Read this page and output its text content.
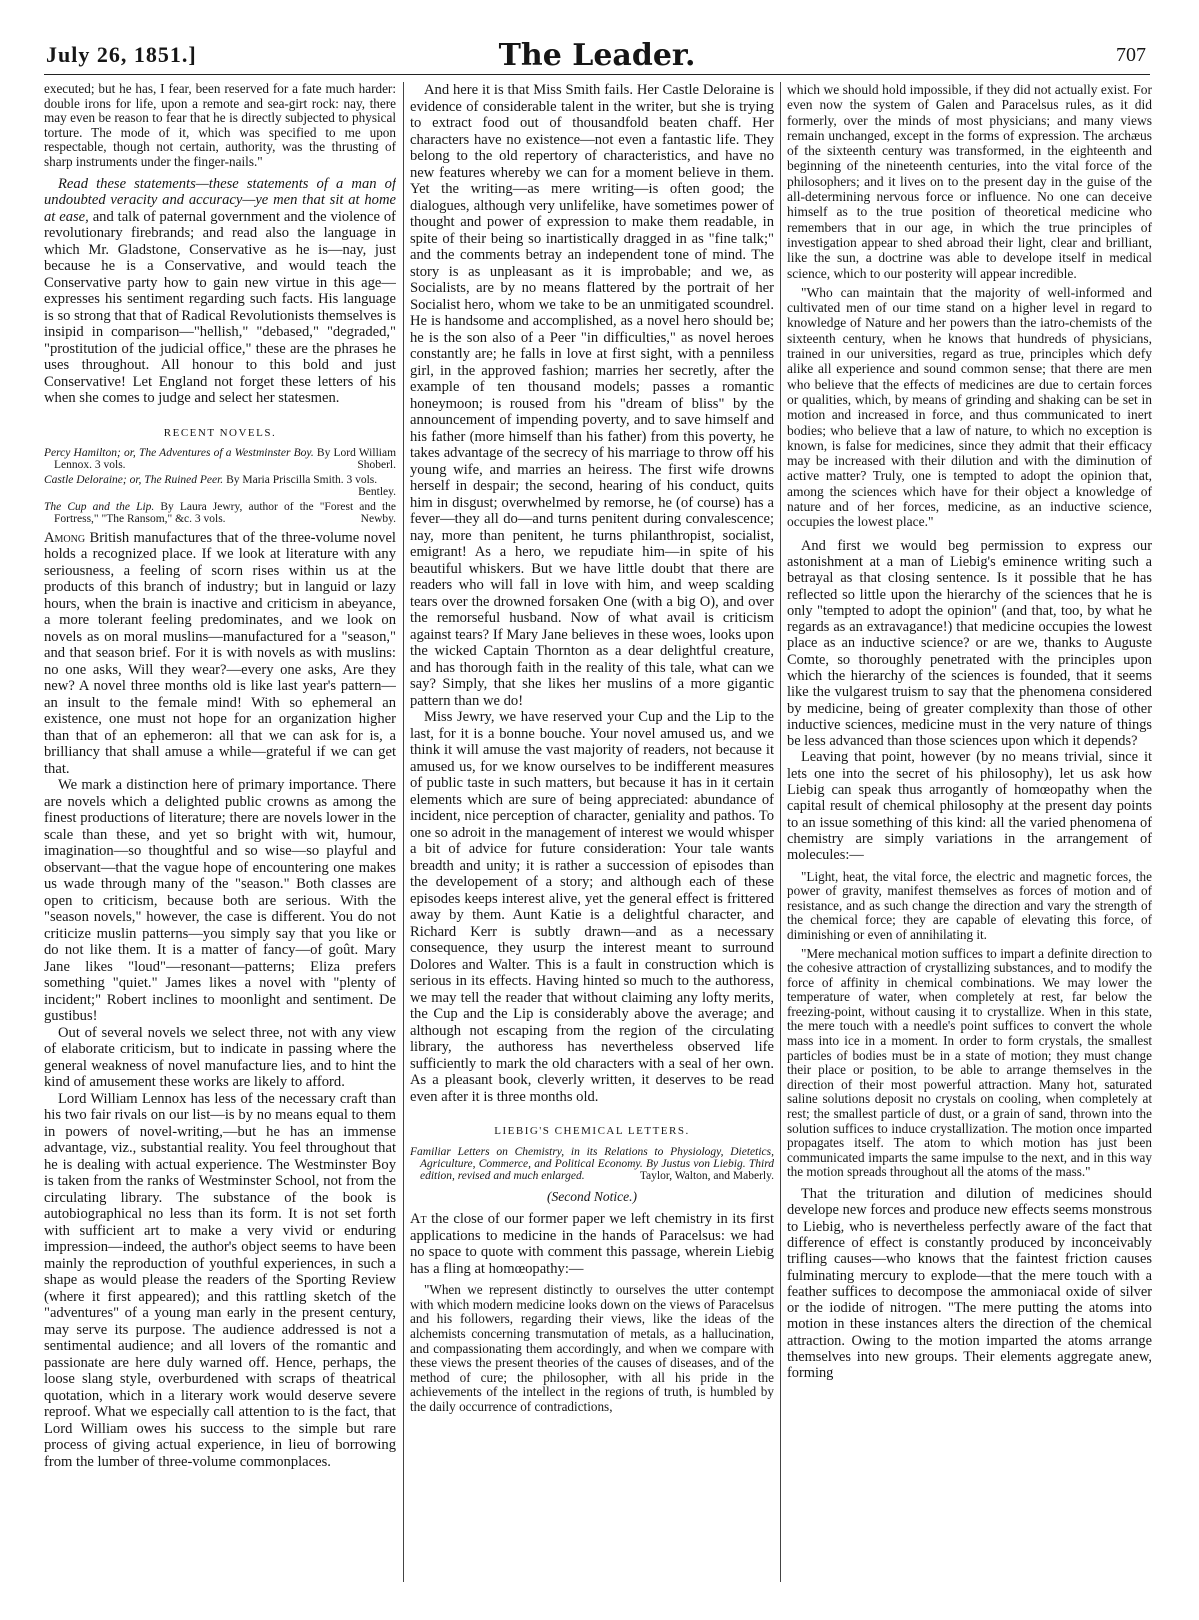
July 26, 1851.]	The Leader.	707

executed; but he has, I fear, been reserved for a fate much harder: double irons for life, upon a remote and sea-girt rock: nay, there may even be reason to fear that he is directly subjected to physical torture. The mode of it, which was specified to me upon respectable, though not certain, authority, was the thrusting of sharp instruments under the finger-nails."

Read these statements—these statements of a man of undoubted veracity and accuracy—ye men that sit at home at ease, and talk of paternal government and the violence of revolutionary firebrands; and read also the language in which Mr. Gladstone, Conservative as he is—nay, just because he is a Conservative, and would teach the Conservative party how to gain new virtue in this age—expresses his sentiment regarding such facts. His language is so strong that that of Radical Revolutionists themselves is insipid in comparison—"hellish," "debased," "degraded," "prostitution of the judicial office," these are the phrases he uses throughout. All honour to this bold and just Conservative! Let England not forget these letters of his when she comes to judge and select her statesmen.

RECENT NOVELS.
Percy Hamilton; or, The Adventures of a Westminster Boy. By Lord William Lennox. 3 vols.	Shoberl.
Castle Deloraine; or, The Ruined Peer. By Maria Priscilla Smith. 3 vols.
Bentley.
The Cup and the Lip. By Laura Jewry, author of the "Forest and the Fortress," "The Ransom," &c. 3 vols.	Newby.

Among British manufactures that of the three-volume novel holds a recognized place. If we look at literature with any seriousness, a feeling of scorn rises within us at the products of this branch of industry; but in languid or lazy hours, when the brain is inactive and criticism in abeyance, a more tolerant feeling predominates, and we look on novels as on moral muslins—manufactured for a "season," and that season brief. For it is with novels as with muslins: no one asks, Will they wear?—every one asks, Are they new? A novel three months old is like last year's pattern—an insult to the female mind! With so ephemeral an existence, one must not hope for an organization higher than that of an ephemeron: all that we can ask for is, a brilliancy that shall amuse a while—grateful if we can get that.

We mark a distinction here of primary importance. There are novels which a delighted public crowns as among the finest productions of literature; there are novels lower in the scale than these, and yet so bright with wit, humour, imagination—so thoughtful and so wise—so playful and observant—that the vague hope of encountering one makes us wade through many of the "season." Both classes are open to criticism, because both are serious. With the "season novels," however, the case is different. You do not criticize muslin patterns—you simply say that you like or do not like them. It is a matter of fancy—of goût. Mary Jane likes "loud"—resonant—patterns; Eliza prefers something "quiet." James likes a novel with "plenty of incident;" Robert inclines to moonlight and sentiment. De gustibus!

Out of several novels we select three, not with any view of elaborate criticism, but to indicate in passing where the general weakness of novel manufacture lies, and to hint the kind of amusement these works are likely to afford.

Lord William Lennox has less of the necessary craft than his two fair rivals on our list—is by no means equal to them in powers of novel-writing,—but he has an immense advantage, viz., substantial reality. You feel throughout that he is dealing with actual experience. The Westminster Boy is taken from the ranks of Westminster School, not from the circulating library. The substance of the book is autobiographical no less than its form. It is not set forth with sufficient art to make a very vivid or enduring impression—indeed, the author's object seems to have been mainly the reproduction of youthful experiences, in such a shape as would please the readers of the Sporting Review (where it first appeared); and this rattling sketch of the "adventures" of a young man early in the present century, may serve its purpose. The audience addressed is not a sentimental audience; and all lovers of the romantic and passionate are here duly warned off. Hence, perhaps, the loose slang style, overburdened with scraps of theatrical quotation, which in a literary work would deserve severe reproof. What we especially call attention to is the fact, that Lord William owes his success to the simple but rare process of giving actual experience, in lieu of borrowing from the lumber of three-volume commonplaces.

And here it is that Miss Smith fails. Her Castle Deloraine is evidence of considerable talent in the writer, but she is trying to extract food out of thousandfold beaten chaff. Her characters have no existence—not even a fantastic life. They belong to the old repertory of characteristics, and have no new features whereby we can for a moment believe in them. Yet the writing—as mere writing—is often good; the dialogues, although very unlifelike, have sometimes power of thought and power of expression to make them readable, in spite of their being so inartistically dragged in as "fine talk;" and the comments betray an independent tone of mind. The story is as unpleasant as it is improbable; and we, as Socialists, are by no means flattered by the portrait of her Socialist hero, whom we take to be an unmitigated scoundrel. He is handsome and accomplished, as a novel hero should be; he is the son also of a Peer "in difficulties," as novel heroes constantly are; he falls in love at first sight, with a penniless girl, in the approved fashion; marries her secretly, after the example of ten thousand models; passes a romantic honeymoon; is roused from his "dream of bliss" by the announcement of impending poverty, and to save himself and his father (more himself than his father) from this poverty, he takes advantage of the secrecy of his marriage to throw off his young wife, and marries an heiress. The first wife drowns herself in despair; the second, hearing of his conduct, quits him in disgust; overwhelmed by remorse, he (of course) has a fever—they all do—and turns penitent during convalescence; nay, more than penitent, he turns philanthropist, socialist, emigrant! As a hero, we repudiate him—in spite of his beautiful whiskers. But we have little doubt that there are readers who will fall in love with him, and weep scalding tears over the drowned forsaken One (with a big O), and over the remorseful husband. Now of what avail is criticism against tears? If Mary Jane believes in these woes, looks upon the wicked Captain Thornton as a dear delightful creature, and has thorough faith in the reality of this tale, what can we say? Simply, that she likes her muslins of a more gigantic pattern than we do!

Miss Jewry, we have reserved your Cup and the Lip to the last, for it is a bonne bouche. Your novel amused us, and we think it will amuse the vast majority of readers, not because it amused us, for we know ourselves to be indifferent measures of public taste in such matters, but because it has in it certain elements which are sure of being appreciated: abundance of incident, nice perception of character, geniality and pathos. To one so adroit in the management of interest we would whisper a bit of advice for future consideration: Your tale wants breadth and unity; it is rather a succession of episodes than the developement of a story; and although each of these episodes keeps interest alive, yet the general effect is frittered away by them. Aunt Katie is a delightful character, and Richard Kerr is subtly drawn—and as a necessary consequence, they usurp the interest meant to surround Dolores and Walter. This is a fault in construction which is serious in its effects. Having hinted so much to the authoress, we may tell the reader that without claiming any lofty merits, the Cup and the Lip is considerably above the average; and although not escaping from the region of the circulating library, the authoress has nevertheless observed life sufficiently to mark the old characters with a seal of her own. As a pleasant book, cleverly written, it deserves to be read even after it is three months old.

LIEBIG'S CHEMICAL LETTERS.
Familiar Letters on Chemistry, in its Relations to Physiology, Dietetics, Agriculture, Commerce, and Political Economy. By Justus von Liebig. Third edition, revised and much enlarged.	Taylor, Walton, and Maberly.
(Second Notice.)

At the close of our former paper we left chemistry in its first applications to medicine in the hands of Paracelsus: we had no space to quote with comment this passage, wherein Liebig has a fling at homœopathy:—

"When we represent distinctly to ourselves the utter contempt with which modern medicine looks down on the views of Paracelsus and his followers, regarding their views, like the ideas of the alchemists concerning transmutation of metals, as a hallucination, and compassionating them accordingly, and when we compare with these views the present theories of the causes of diseases, and of the method of cure; the philosopher, with all his pride in the achievements of the intellect in the regions of truth, is humbled by the daily occurrence of contradictions,

which we should hold impossible, if they did not actually exist. For even now the system of Galen and Paracelsus rules, as it did formerly, over the minds of most physicians; and many views remain unchanged, except in the forms of expression. The archæus of the sixteenth century was transformed, in the eighteenth and beginning of the nineteenth centuries, into the vital force of the philosophers; and it lives on to the present day in the guise of the all-determining nervous force or influence. No one can deceive himself as to the true position of theoretical medicine who remembers that in our age, in which the true principles of investigation appear to shed abroad their light, clear and brilliant, like the sun, a doctrine was able to develope itself in medical science, which to our posterity will appear incredible.

"Who can maintain that the majority of well-informed and cultivated men of our time stand on a higher level in regard to knowledge of Nature and her powers than the iatro-chemists of the sixteenth century, when he knows that hundreds of physicians, trained in our universities, regard as true, principles which defy alike all experience and sound common sense; that there are men who believe that the effects of medicines are due to certain forces or qualities, which, by means of grinding and shaking can be set in motion and increased in force, and thus communicated to inert bodies; who believe that a law of nature, to which no exception is known, is false for medicines, since they admit that their efficacy may be increased with their dilution and with the diminution of active matter? Truly, one is tempted to adopt the opinion that, among the sciences which have for their object a knowledge of nature and of her forces, medicine, as an inductive science, occupies the lowest place."

And first we would beg permission to express our astonishment at a man of Liebig's eminence writing such a betrayal as that closing sentence. Is it possible that he has reflected so little upon the hierarchy of the sciences that he is only "tempted to adopt the opinion" (and that, too, by what he regards as an extravagance!) that medicine occupies the lowest place as an inductive science? or are we, thanks to Auguste Comte, so thoroughly penetrated with the principles upon which the hierarchy of the sciences is founded, that it seems like the vulgarest truism to say that the phenomena considered by medicine, being of greater complexity than those of other inductive sciences, medicine must in the very nature of things be less advanced than those sciences upon which it depends?

Leaving that point, however (by no means trivial, since it lets one into the secret of his philosophy), let us ask how Liebig can speak thus arrogantly of homœopathy when the capital result of chemical philosophy at the present day points to an issue something of this kind: all the varied phenomena of chemistry are simply variations in the arrangement of molecules:—

"Light, heat, the vital force, the electric and magnetic forces, the power of gravity, manifest themselves as forces of motion and of resistance, and as such change the direction and vary the strength of the chemical force; they are capable of elevating this force, of diminishing or even of annihilating it.

"Mere mechanical motion suffices to impart a definite direction to the cohesive attraction of crystallizing substances, and to modify the force of affinity in chemical combinations. We may lower the temperature of water, when completely at rest, far below the freezing-point, without causing it to crystallize. When in this state, the mere touch with a needle's point suffices to convert the whole mass into ice in a moment. In order to form crystals, the smallest particles of bodies must be in a state of motion; they must change their place or position, to be able to arrange themselves in the direction of their most powerful attraction. Many hot, saturated saline solutions deposit no crystals on cooling, when completely at rest; the smallest particle of dust, or a grain of sand, thrown into the solution suffices to induce crystallization. The motion once imparted propagates itself. The atom to which motion has just been communicated imparts the same impulse to the next, and in this way the motion spreads throughout all the atoms of the mass."

That the trituration and dilution of medicines should develope new forces and produce new effects seems monstrous to Liebig, who is nevertheless perfectly aware of the fact that difference of effect is constantly produced by inconceivably trifling causes—who knows that the faintest friction causes fulminating mercury to explode—that the mere touch with a feather suffices to decompose the ammoniacal oxide of silver or the iodide of nitrogen. "The mere putting the atoms into motion in these instances alters the direction of the chemical attraction. Owing to the motion imparted the atoms arrange themselves into new groups. Their elements aggregate anew, forming
